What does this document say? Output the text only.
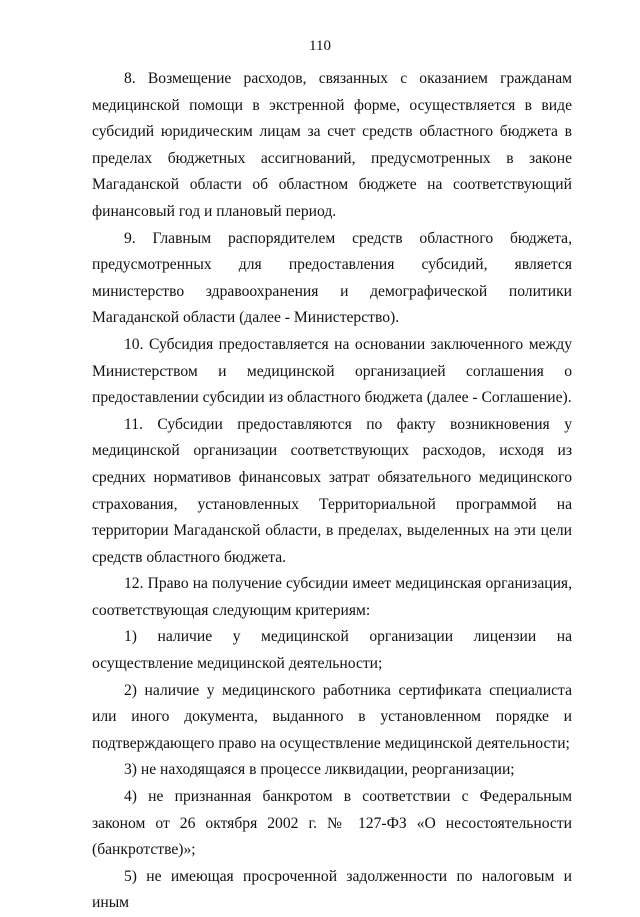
110

8. Возмещение расходов, связанных с оказанием гражданам медицинской помощи в экстренной форме, осуществляется в виде субсидий юридическим лицам за счет средств областного бюджета в пределах бюджетных ассигнований, предусмотренных в законе Магаданской области об областном бюджете на соответствующий финансовый год и плановый период.

9. Главным распорядителем средств областного бюджета, предусмотренных для предоставления субсидий, является министерство здравоохранения и демографической политики Магаданской области (далее - Министерство).

10. Субсидия предоставляется на основании заключенного между Министерством и медицинской организацией соглашения о предоставлении субсидии из областного бюджета (далее - Соглашение).

11. Субсидии предоставляются по факту возникновения у медицинской организации соответствующих расходов, исходя из средних нормативов финансовых затрат обязательного медицинского страхования, установленных Территориальной программой на территории Магаданской области, в пределах, выделенных на эти цели средств областного бюджета.

12. Право на получение субсидии имеет медицинская организация, соответствующая следующим критериям:

1) наличие у медицинской организации лицензии на осуществление медицинской деятельности;

2) наличие у медицинского работника сертификата специалиста или иного документа, выданного в установленном порядке и подтверждающего право на осуществление медицинской деятельности;

3) не находящаяся в процессе ликвидации, реорганизации;

4) не признанная банкротом в соответствии с Федеральным законом от 26 октября 2002 г. № 127-ФЗ «О несостоятельности (банкротстве)»;

5) не имеющая просроченной задолженности по налоговым и иным
